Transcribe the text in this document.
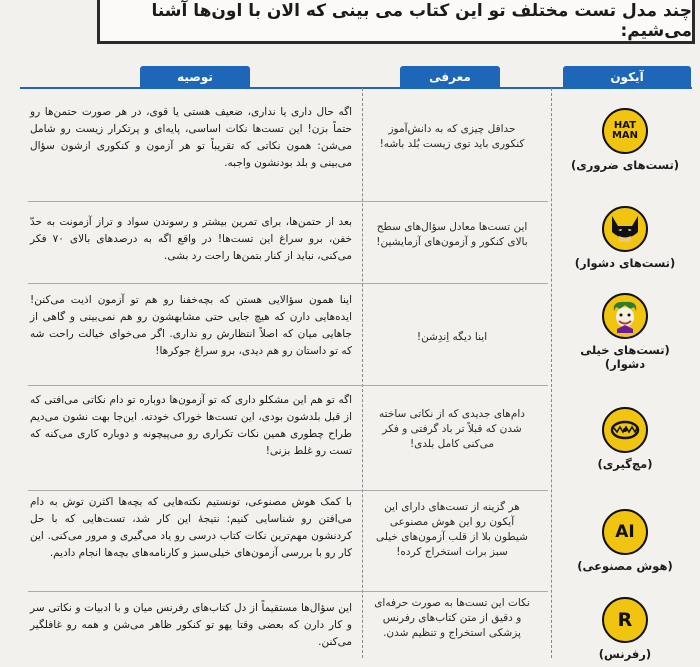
چند مدل تست مختلف تو این کتاب می بینی که الان با اون‌ها آشنا می‌شیم:
آیکون
معرفی
توصیه
HAT MAN
(تست‌های ضروری)
حداقل چیزی که به دانش‌آموز کنکوری باید توی زیست بُلد باشه!
اگه حال داری یا نداری، ضعیف هستی یا قوی، در هر صورت حتمن‌ها رو حتماً بزن! این تست‌ها نکات اساسی، پایه‌ای و پرتکرار زیست رو شامل می‌شن: همون نکاتی که تقریباً تو هر آزمون و کنکوری ازشون سؤال می‌بینی و بلد بودنشون واجبه.
(تست‌های دشوار)
این تست‌ها معادل سؤال‌های سطح بالای کنکور و آزمون‌های آزمایشین!
بعد از حتمن‌ها، برای تمرین بیشتر و رسوندن سواد و تراز آزمونت به حدّ خفن، برو سراغ این تست‌ها! در واقع اگه به درصدهای بالای ۷۰ فکر می‌کنی، نباید از کنار بتمن‌ها راحت رد بشی.
(تست‌های خیلی دشوار)
اینا دیگه اِندِشن!
اینا همون سؤالایی هستن که بچه‌خفنا رو هم تو آزمون اذیت می‌کنن! ایده‌هایی دارن که هیچ جایی حتی مشابهشون رو هم نمی‌بینی و گاهی از جاهایی میان که اصلاً انتظارش رو نداری. اگر می‌خوای خیالت راحت شه که تو داستان رو هم دیدی، برو سراغ جوکرها!
(مچ‌گیری)
دام‌های جدیدی که از نکاتی ساخته شدن که قبلاً تر باد گرفتی و فکر می‌کنی کامل بلدی!
اگه تو هم این مشکلو داری که تو آزمون‌ها دوباره تو دام نکاتی می‌افتی که از قبل بلدشون بودی، این تست‌ها خوراک خودته. این‌جا بهت نشون می‌دیم طراح چطوری همین نکات تکراری رو می‌پیچونه و دوباره کاری می‌کنه که تست رو غلط بزنی!
AI
(هوش مصنوعی)
هر گزینه از تست‌های دارای این آیکون رو این هوش مصنوعی شیطون بلا از قلب آزمون‌های خیلی سبز برات استخراج کرده!
با کمک هوش مصنوعی، تونستیم نکته‌هایی که بچه‌ها اکثرن توش به دام می‌افتن رو شناسایی کنیم: نتیجهٔ این کار شد، تست‌هایی که با حل کردنشون مهم‌ترین نکات کتاب درسی رو یاد می‌گیری و مرور می‌کنی. این کار رو با بررسی آزمون‌های خیلی‌سبز و کارنامه‌های بچه‌ها انجام دادیم.
R
(رفرنس)
نکات این تست‌ها به صورت حرفه‌ای و دقیق از متن کتاب‌های رفرنس پزشکی استخراج و تنظیم شدن.
این سؤال‌ها مستقیماً از دل کتاب‌های رفرنس میان و با ادبیات و نکاتی سر و کار دارن که بعضی وقتا یهو تو کنکور ظاهر می‌شن و همه رو غافلگیر می‌کنن.
